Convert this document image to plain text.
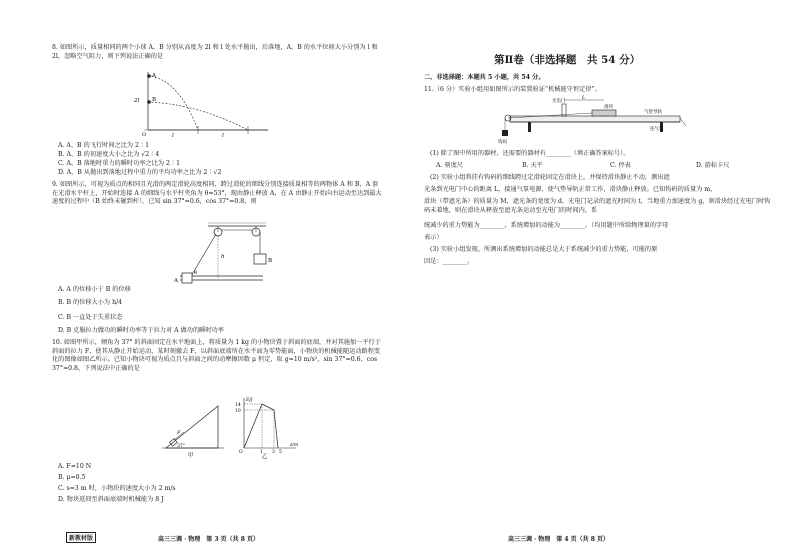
8. 如图所示，质量相同的两个小球 A、B 分别从高度为 2l 和 l 处水平抛出，后落地，A、B 的水平位移大小分别为 l 和 2l，忽略空气阻力，则下列说法正确的是
A
B
2l
O	l	l
A. A、B 的飞行时间之比为 2∶1
B. A、B 的初速度大小之比为 √2∶4
C. A、B 落地时重力的瞬时功率之比为 2∶1
D. A、B 从抛出到落地过程中重力的平均功率之比为 2∶√2
9. 如图所示，可视为质点的相同且光滑的两定滑轮高度相同，跨过滑轮的细线分别连接质量相等的两物体 A 和 B，A 套在光滑水平杆上，开始时连接 A 的细线与水平杆夹角为 θ=53°，现由静止释放 A，在 A 由静止开始向右运动至达到最大速度的过程中（B 始终未碰到杆），已知 sin 37°=0.6，cos 37°=0.8，则
A
B
h
θ
A. A 的位移小于 B 的位移
B. B 的位移大小为 h/4
C. B 一直处于失重状态
D. B 克服拉力做功的瞬时功率等于拉力对 A 做功的瞬时功率
10. 如图甲所示，倾角为 37° 的斜面固定在水平地面上，将质量为 1 kg 的小物块置于斜面的底端，并对其施加一平行于斜面的拉力 F，使其从静止开始运动，某时刻撤去 F，以斜面底端所在水平面为零势能面，小物块的机械能随运动路程变化的图像如图乙所示。已知小物块可视为质点且与斜面之间的动摩擦因数 μ 恒定，取 g=10 m/s²，sin 37°=0.6，cos 37°=0.8，下列说法中正确的是
F
37°
甲
E/J
14
10
O	1 3 5
s/m
乙
A. F=10 N
B. μ=0.5
C. s=3 m 时，小物块的速度大小为 2 m/s
D. 物块返回至斜面底端时机械能为 8 J
新教材版	高三三调 · 物理　第 3 页（共 8 页）
第Ⅱ卷（非选择题　共 54 分）
二、非选择题：本题共 5 小题，共 54 分。
11.（6 分）实验小组用如图所示的装置验证“机械能守恒定律”。
光电门
L
滑块
气垫导轨
连气泵
钩码
(1) 除了图中所用的器材，还需要的器材有________（填正确答案标号）。
A. 刻度尺	B. 天平	C. 停表	D. 游标卡尺
(2) 实验小组将挂有钩码的细线跨过定滑轮固定在滑块上，并保持滑块静止不动，测出遮
光条到光电门中心的距离 L，接通气泵电源，使气垫导轨正常工作，滑块静止释放。已知钩码的质量为 m，
滑块（带遮光条）的质量为 M，遮光条的宽度为 d，光电门记录的遮光时间为 t，当地重力加速度为 g，则滑块经过光电门时钩码未着地，则在滑块从释放至遮光条运动至光电门的时间内，系
统减少的重力势能为________，系统增加的动能为________。（均用题中所给物理量的字母
表示）
(3) 实验小组发现，所测出系统增加的动能总是大于系统减少的重力势能，可能的原
因是：________。
高三三调 · 物理　第 4 页（共 8 页）
